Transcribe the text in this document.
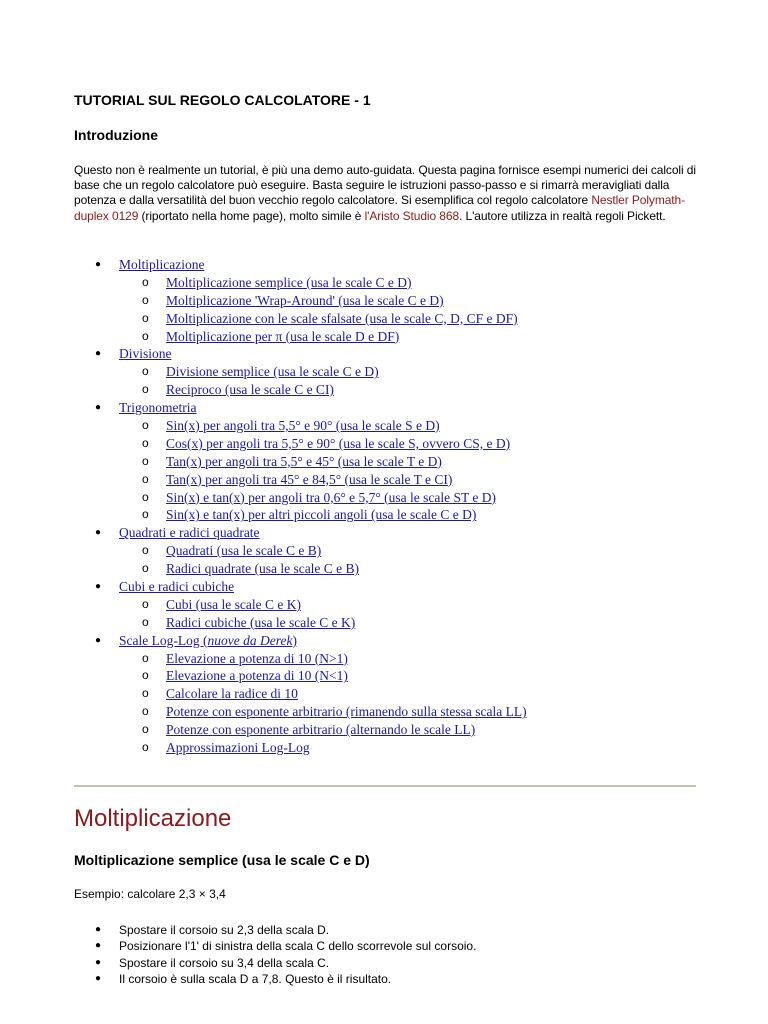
TUTORIAL SUL REGOLO CALCOLATORE - 1
Introduzione

Questo non è realmente un tutorial, è più una demo auto-guidata. Questa pagina fornisce esempi numerici dei calcoli di base che un regolo calcolatore può eseguire. Basta seguire le istruzioni passo-passo e si rimarrà meravigliati dalla potenza e dalla versatilità del buon vecchio regolo calcolatore. Si esemplifica col regolo calcolatore Nestler Polymath-duplex 0129 (riportato nella home page), molto simile è l'Aristo Studio 868. L'autore utilizza in realtà regoli Pickett.

● Moltiplicazione
o Moltiplicazione semplice (usa le scale C e D)
o Moltiplicazione 'Wrap-Around' (usa le scale C e D)
o Moltiplicazione con le scale sfalsate (usa le scale C, D, CF e DF)
o Moltiplicazione per π (usa le scale D e DF)
● Divisione
o Divisione semplice (usa le scale C e D)
o Reciproco (usa le scale C e CI)
● Trigonometria
o Sin(x) per angoli tra 5,5° e 90° (usa le scale S e D)
o Cos(x) per angoli tra 5,5° e 90° (usa le scale S, ovvero CS, e D)
o Tan(x) per angoli tra 5,5° e 45° (usa le scale T e D)
o Tan(x) per angoli tra 45° e 84,5° (usa le scale T e CI)
o Sin(x) e tan(x) per angoli tra 0,6° e 5,7° (usa le scale ST e D)
o Sin(x) e tan(x) per altri piccoli angoli (usa le scale C e D)
● Quadrati e radici quadrate
o Quadrati (usa le scale C e B)
o Radici quadrate (usa le scale C e B)
● Cubi e radici cubiche
o Cubi (usa le scale C e K)
o Radici cubiche (usa le scale C e K)
● Scale Log-Log (nuove da Derek)
o Elevazione a potenza di 10 (N>1)
o Elevazione a potenza di 10 (N<1)
o Calcolare la radice di 10
o Potenze con esponente arbitrario (rimanendo sulla stessa scala LL)
o Potenze con esponente arbitrario (alternando le scale LL)
o Approssimazioni Log-Log
Moltiplicazione
Moltiplicazione semplice (usa le scale C e D)

Esempio: calcolare 2,3 × 3,4

● Spostare il corsoio su 2,3 della scala D.
● Posizionare l'1' di sinistra della scala C dello scorrevole sul corsoio.
● Spostare il corsoio su 3,4 della scala C.
● Il corsoio è sulla scala D a 7,8. Questo è il risultato.
